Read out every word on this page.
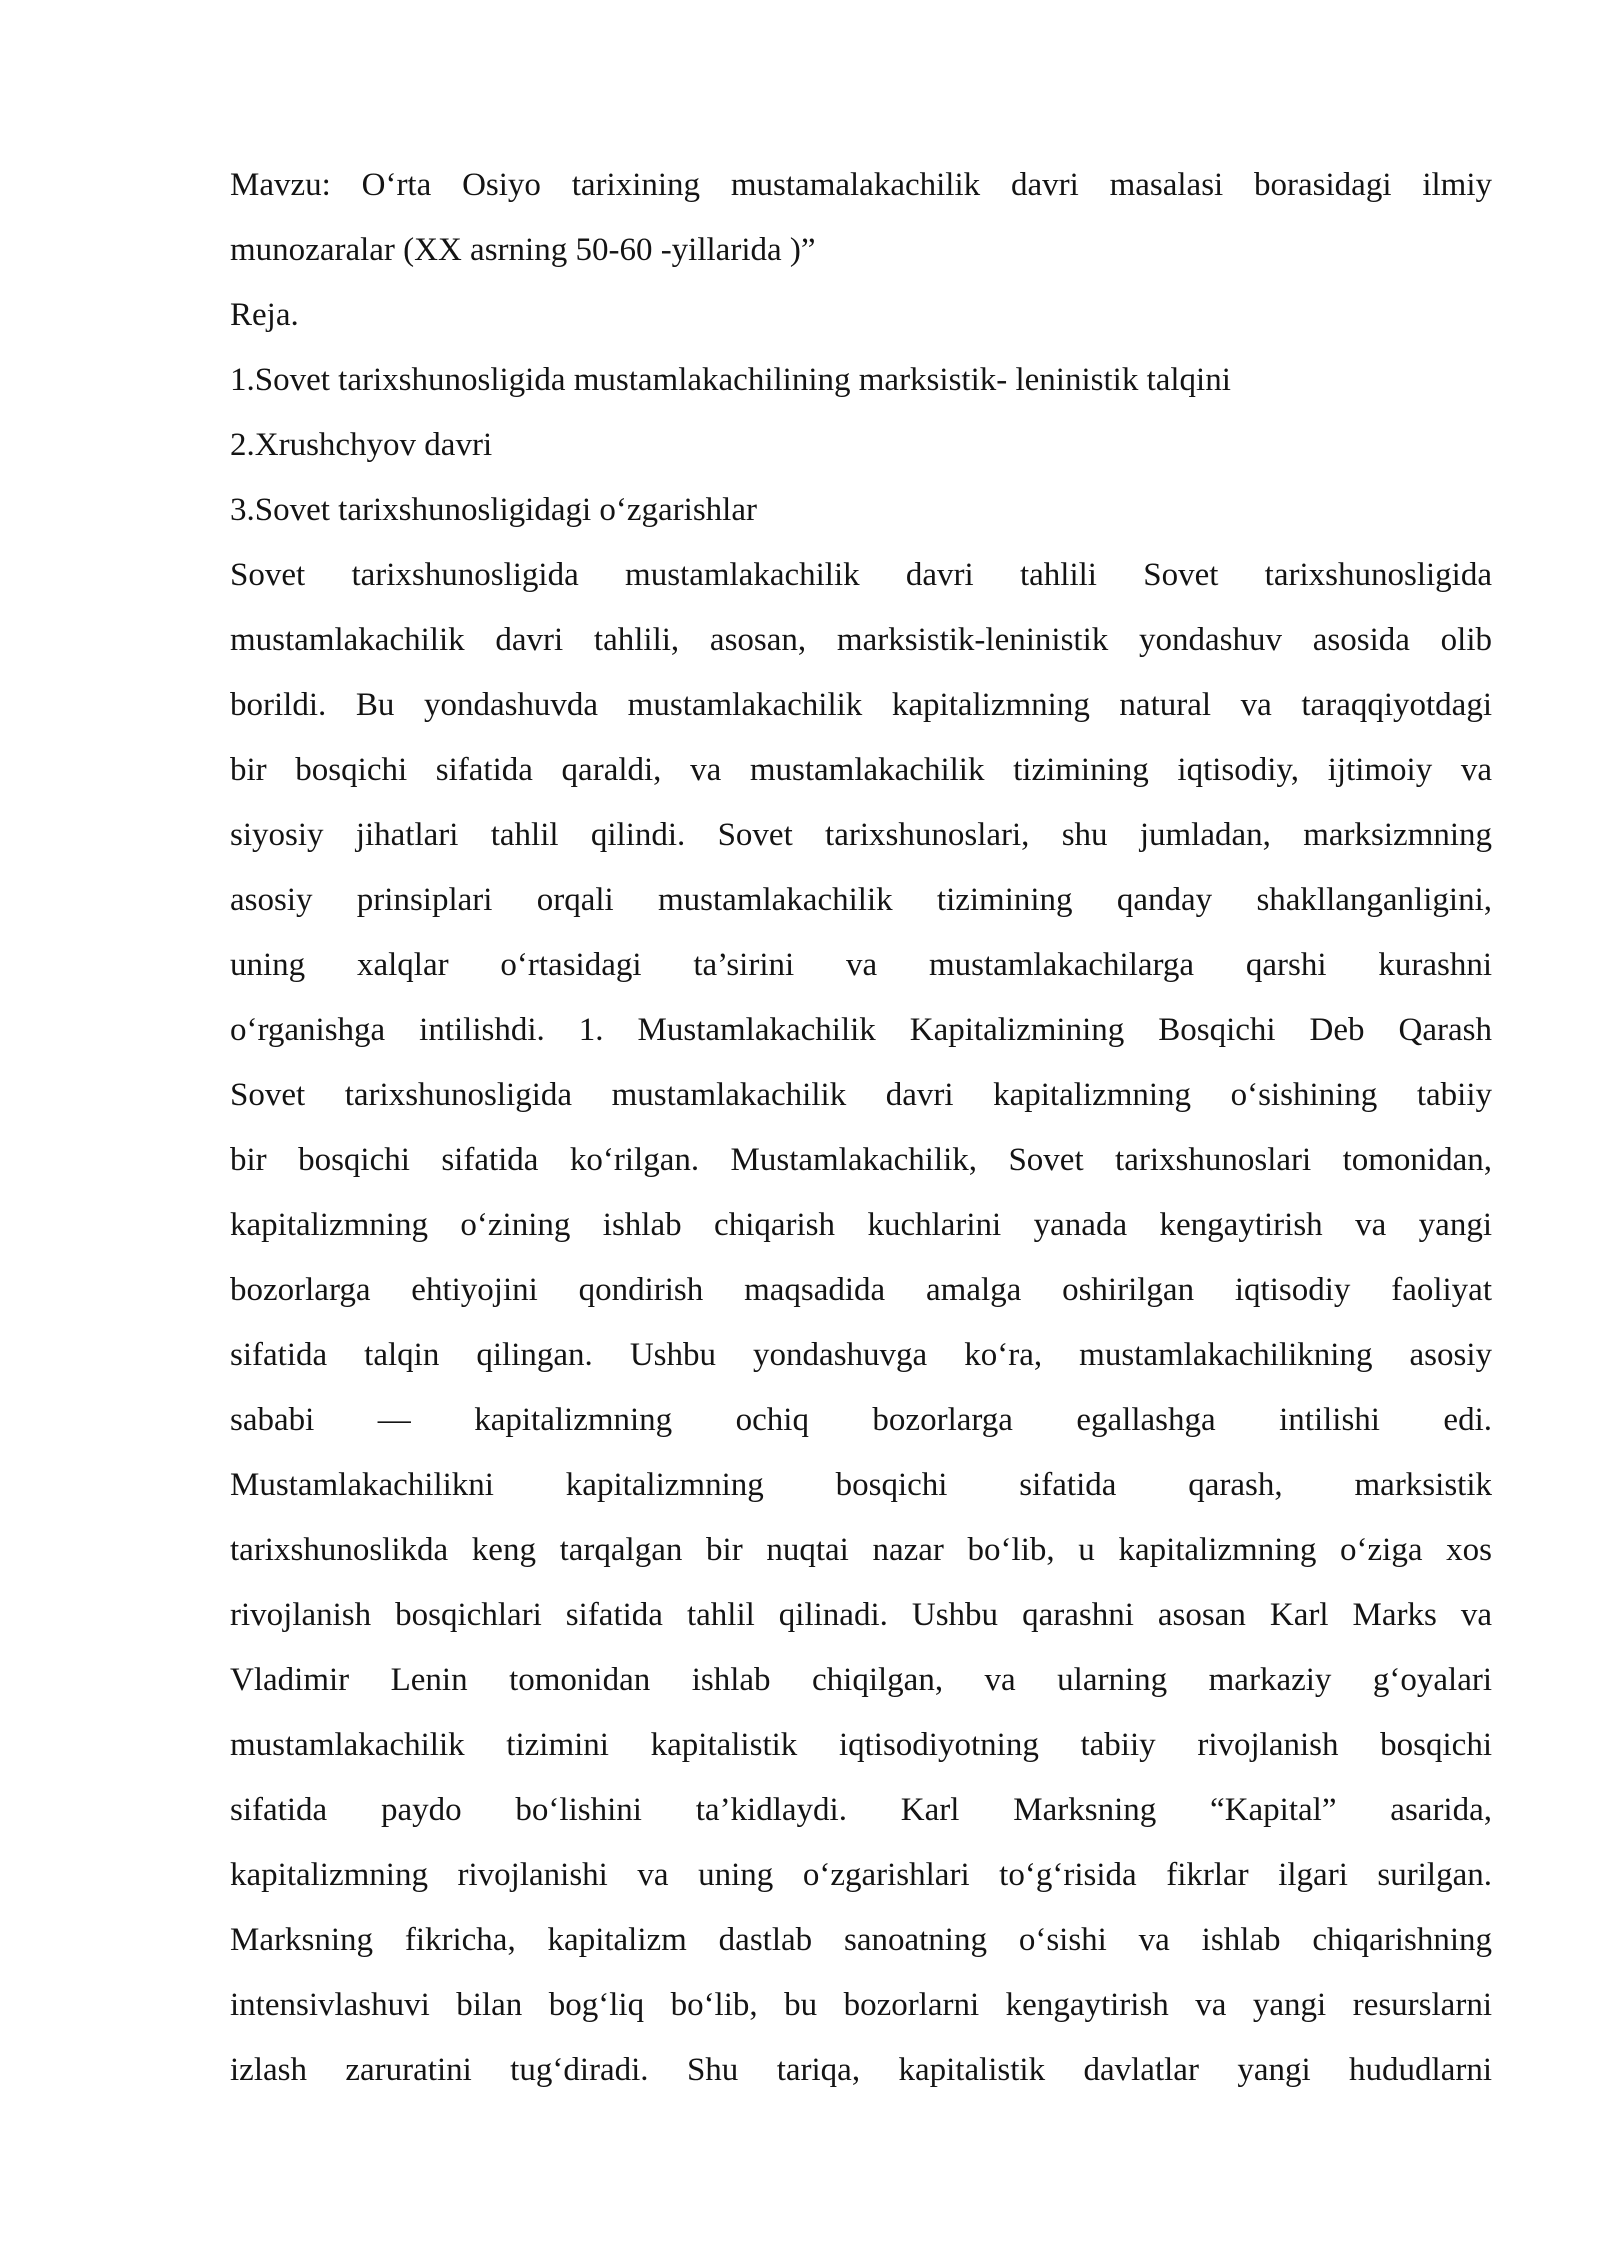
Mavzu: O‘rta Osiyo tarixining mustamalakachilik davri masalasi borasidagi ilmiy
munozaralar (XX asrning 50-60 -yillarida )”
Reja.
1.Sovet tarixshunosligida mustamlakachilining marksistik- leninistik talqini
2.Xrushchyov davri
3.Sovet tarixshunosligidagi o‘zgarishlar
Sovet tarixshunosligida mustamlakachilik davri tahlili Sovet tarixshunosligida
mustamlakachilik davri tahlili, asosan, marksistik-leninistik yondashuv asosida olib
borildi. Bu yondashuvda mustamlakachilik kapitalizmning natural va taraqqiyotdagi
bir bosqichi sifatida qaraldi, va mustamlakachilik tizimining iqtisodiy, ijtimoiy va
siyosiy jihatlari tahlil qilindi. Sovet tarixshunoslari, shu jumladan, marksizmning
asosiy prinsiplari orqali mustamlakachilik tizimining qanday shakllanganligini,
uning xalqlar o‘rtasidagi ta’sirini va mustamlakachilarga qarshi kurashni
o‘rganishga intilishdi. 1. Mustamlakachilik Kapitalizmining Bosqichi Deb Qarash
Sovet tarixshunosligida mustamlakachilik davri kapitalizmning o‘sishining tabiiy
bir bosqichi sifatida ko‘rilgan. Mustamlakachilik, Sovet tarixshunoslari tomonidan,
kapitalizmning o‘zining ishlab chiqarish kuchlarini yanada kengaytirish va yangi
bozorlarga ehtiyojini qondirish maqsadida amalga oshirilgan iqtisodiy faoliyat
sifatida talqin qilingan. Ushbu yondashuvga ko‘ra, mustamlakachilikning asosiy
sababi — kapitalizmning ochiq bozorlarga egallashga intilishi edi.
Mustamlakachilikni kapitalizmning bosqichi sifatida qarash, marksistik
tarixshunoslikda keng tarqalgan bir nuqtai nazar bo‘lib, u kapitalizmning o‘ziga xos
rivojlanish bosqichlari sifatida tahlil qilinadi. Ushbu qarashni asosan Karl Marks va
Vladimir Lenin tomonidan ishlab chiqilgan, va ularning markaziy g‘oyalari
mustamlakachilik tizimini kapitalistik iqtisodiyotning tabiiy rivojlanish bosqichi
sifatida paydo bo‘lishini ta’kidlaydi. Karl Marksning “Kapital” asarida,
kapitalizmning rivojlanishi va uning o‘zgarishlari to‘g‘risida fikrlar ilgari surilgan.
Marksning fikricha, kapitalizm dastlab sanoatning o‘sishi va ishlab chiqarishning
intensivlashuvi bilan bog‘liq bo‘lib, bu bozorlarni kengaytirish va yangi resurslarni
izlash zaruratini tug‘diradi. Shu tariqa, kapitalistik davlatlar yangi hududlarni
